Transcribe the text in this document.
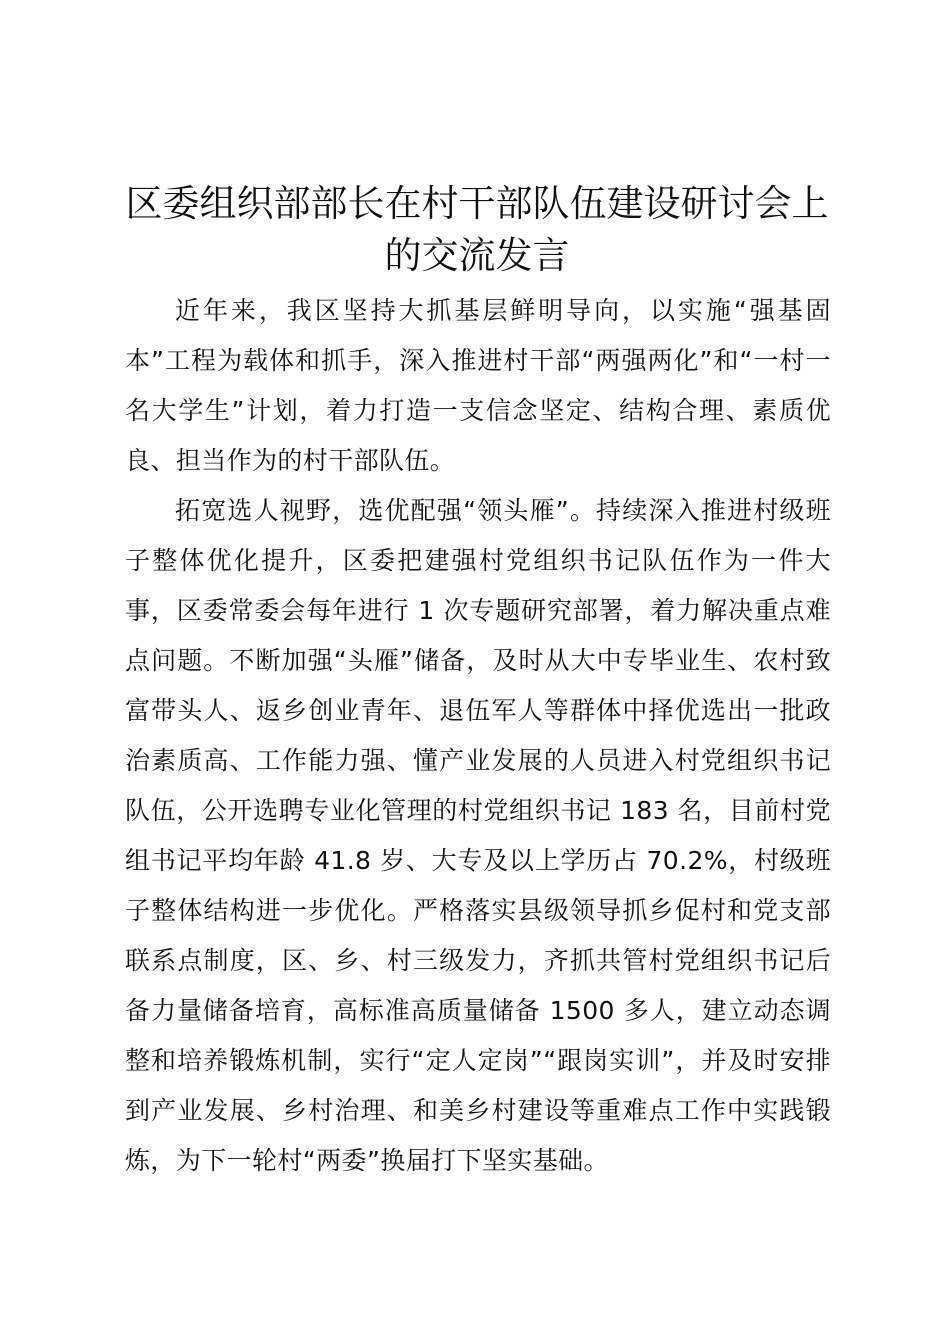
区委组织部部长在村干部队伍建设研讨会上的交流发言

近年来，我区坚持大抓基层鲜明导向，以实施“强基固本”工程为载体和抓手，深入推进村干部“两强两化”和“一村一名大学生”计划，着力打造一支信念坚定、结构合理、素质优良、担当作为的村干部队伍。

拓宽选人视野，选优配强“领头雁”。持续深入推进村级班子整体优化提升，区委把建强村党组织书记队伍作为一件大事，区委常委会每年进行 1 次专题研究部署，着力解决重点难点问题。不断加强“头雁”储备，及时从大中专毕业生、农村致富带头人、返乡创业青年、退伍军人等群体中择优选出一批政治素质高、工作能力强、懂产业发展的人员进入村党组织书记队伍，公开选聘专业化管理的村党组织书记 183 名，目前村党组书记平均年龄 41.8 岁、大专及以上学历占 70.2%，村级班子整体结构进一步优化。严格落实县级领导抓乡促村和党支部联系点制度，区、乡、村三级发力，齐抓共管村党组织书记后备力量储备培育，高标准高质量储备 1500 多人，建立动态调整和培养锻炼机制，实行“定人定岗”“跟岗实训”，并及时安排到产业发展、乡村治理、和美乡村建设等重难点工作中实践锻炼，为下一轮村“两委”换届打下坚实基础。
